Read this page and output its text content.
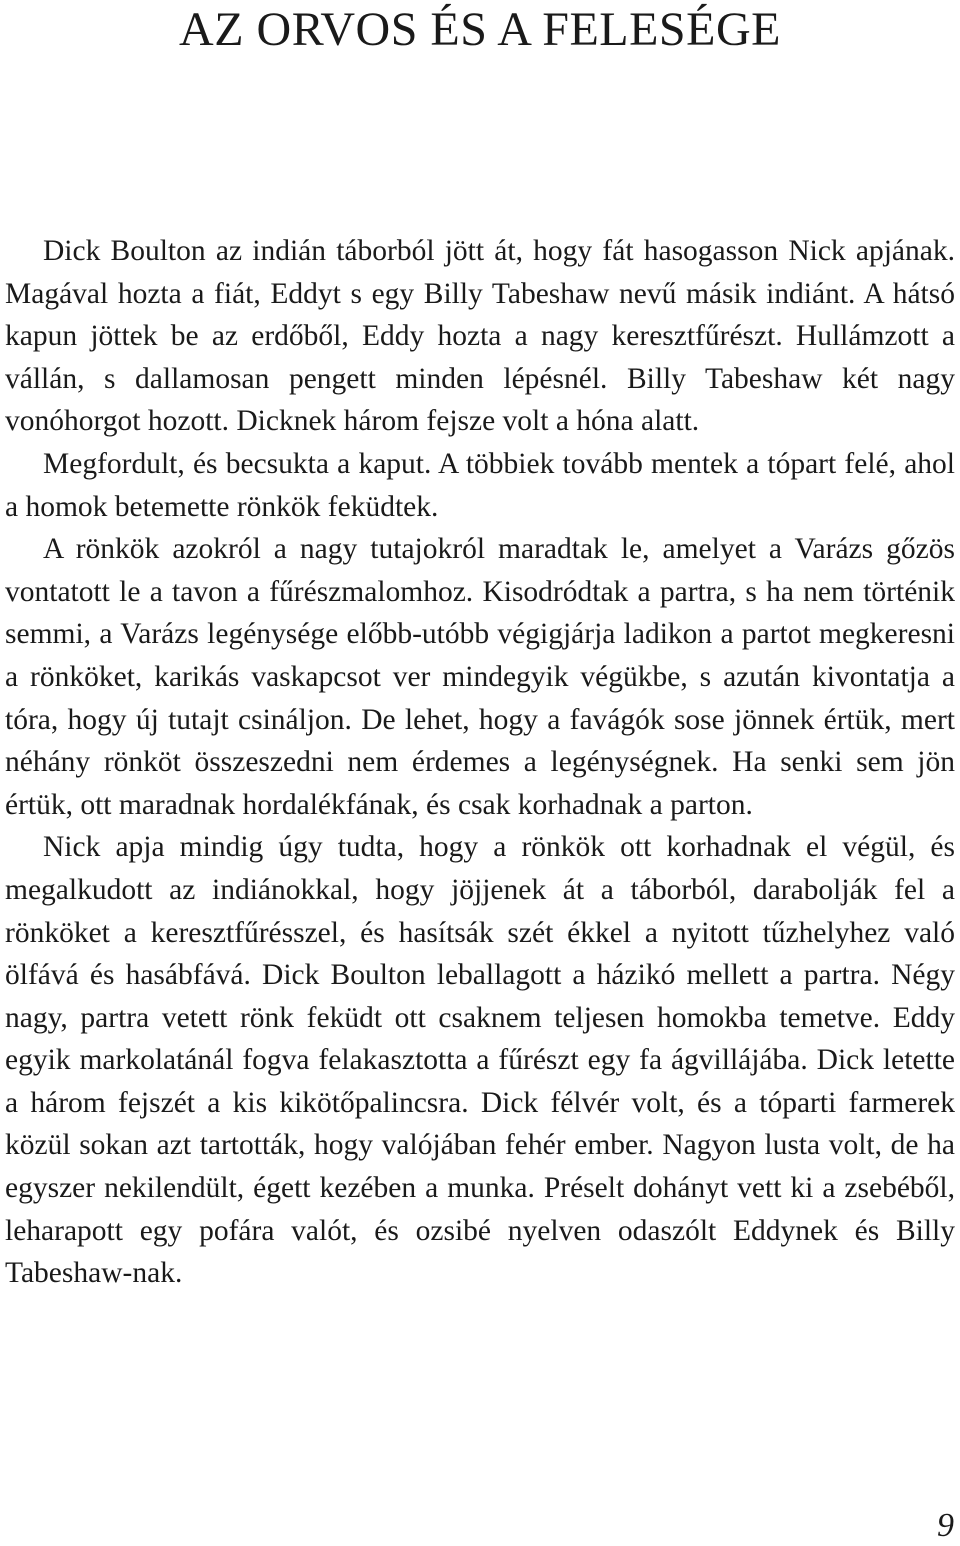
AZ ORVOS ÉS A FELESÉGE

Dick Boulton az indián táborból jött át, hogy fát hasogasson Nick apjának. Magával hozta a fiát, Eddyt s egy Billy Tabeshaw nevű másik indiánt. A hátsó kapun jöttek be az erdőből, Eddy hozta a nagy keresztfűrészt. Hullámzott a vállán, s dallamosan pengett minden lépésnél. Billy Tabeshaw két nagy vonóhorgot hozott. Dicknek három fejsze volt a hóna alatt.

Megfordult, és becsukta a kaput. A többiek tovább mentek a tópart felé, ahol a homok betemette rönkök feküdtek.

A rönkök azokról a nagy tutajokról maradtak le, amelyet a Varázs gőzös vontatott le a tavon a fűrészmalomhoz. Kisodródtak a partra, s ha nem történik semmi, a Varázs legénysége előbb-utóbb végigjárja ladikon a partot megkeresni a rönköket, karikás vaskapcsot ver mindegyik végükbe, s azután kivontatja a tóra, hogy új tutajt csináljon. De lehet, hogy a favágók sose jönnek értük, mert néhány rönköt összeszedni nem érdemes a legénységnek. Ha senki sem jön értük, ott maradnak hordalékfának, és csak korhadnak a parton.

Nick apja mindig úgy tudta, hogy a rönkök ott korhadnak el végül, és megalkudott az indiánokkal, hogy jöjjenek át a táborból, darabolják fel a rönköket a keresztfűrésszel, és hasítsák szét ékkel a nyitott tűzhelyhez való ölfává és hasábfává. Dick Boulton leballagott a házikó mellett a partra. Négy nagy, partra vetett rönk feküdt ott csaknem teljesen homokba temetve. Eddy egyik markolatánál fogva felakasztotta a fűrészt egy fa ágvillájába. Dick letette a három fejszét a kis kikötőpalincsra. Dick félvér volt, és a tóparti farmerek közül sokan azt tartották, hogy valójában fehér ember. Nagyon lusta volt, de ha egyszer nekilendült, égett kezében a munka. Préselt dohányt vett ki a zsebéből, leharapott egy pofára valót, és ozsibé nyelven odaszólt Eddynek és Billy Tabeshaw-nak.

9
